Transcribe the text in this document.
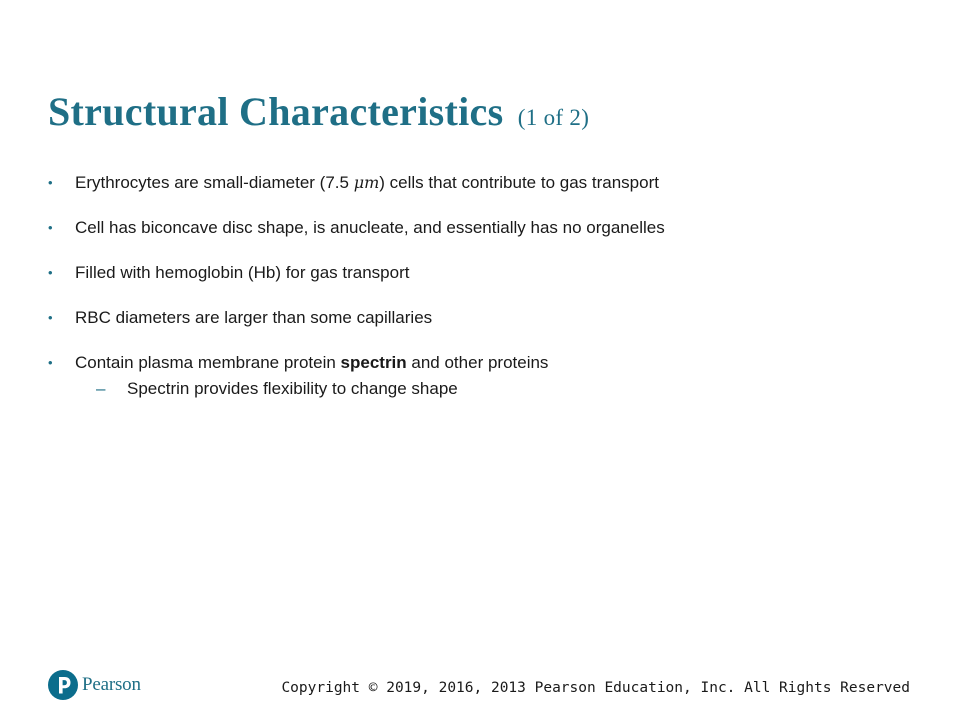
Structural Characteristics (1 of 2)
• Erythrocytes are small-diameter (7.5 μm) cells that contribute to gas transport
• Cell has biconcave disc shape, is anucleate, and essentially has no organelles
• Filled with hemoglobin (Hb) for gas transport
• RBC diameters are larger than some capillaries
• Contain plasma membrane protein spectrin and other proteins
– Spectrin provides flexibility to change shape
Pearson	Copyright © 2019, 2016, 2013 Pearson Education, Inc. All Rights Reserved
